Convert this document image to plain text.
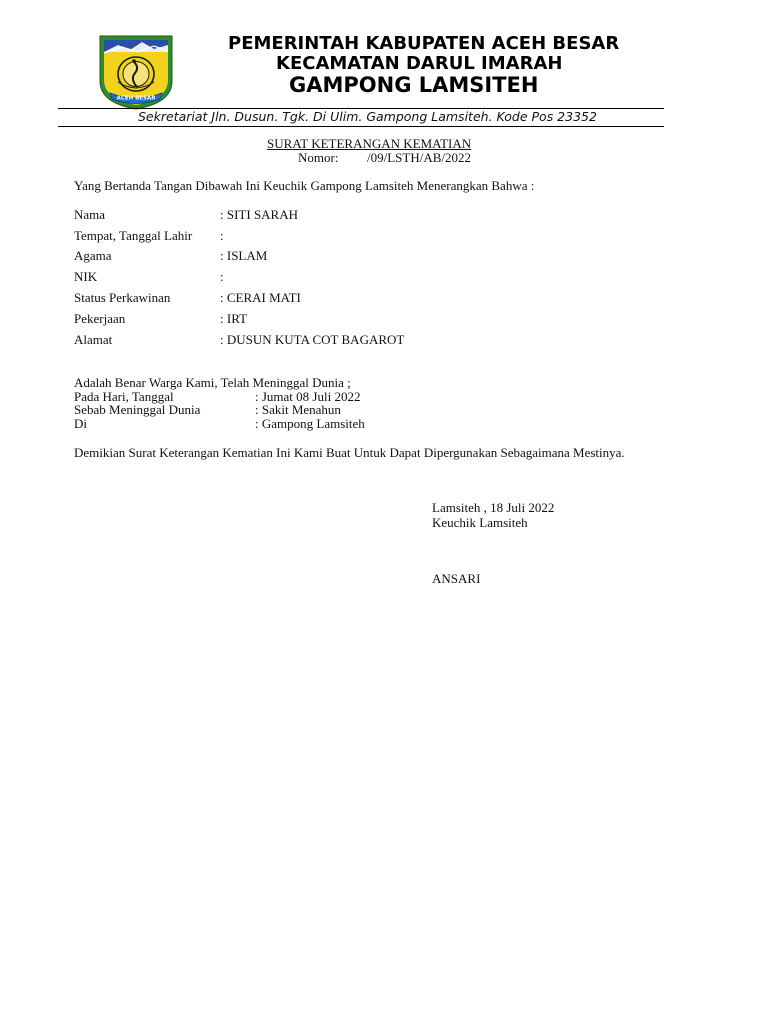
ACEH BESAR
PEMERINTAH KABUPATEN ACEH BESAR
KECAMATAN DARUL IMARAH
GAMPONG LAMSITEH
Sekretariat Jln. Dusun. Tgk. Di Ulim. Gampong Lamsiteh. Kode Pos 23352
SURAT KETERANGAN KEMATIAN
Nomor: /09/LSTH/AB/2022
Yang Bertanda Tangan Dibawah Ini Keuchik Gampong Lamsiteh Menerangkan Bahwa :
Nama	: SITI SARAH
Tempat, Tanggal Lahir :
Agama	: ISLAM
NIK	:
Status Perkawinan	: CERAI MATI
Pekerjaan	: IRT
Alamat	: DUSUN KUTA COT BAGAROT
Adalah Benar Warga Kami, Telah Meninggal Dunia ;
Pada Hari, Tanggal	: Jumat 08 Juli 2022
Sebab Meninggal Dunia	: Sakit Menahun
Di	: Gampong Lamsiteh
Demikian Surat Keterangan Kematian Ini Kami Buat Untuk Dapat Dipergunakan Sebagaimana Mestinya.
Lamsiteh , 18 Juli 2022
Keuchik Lamsiteh
ANSARI
